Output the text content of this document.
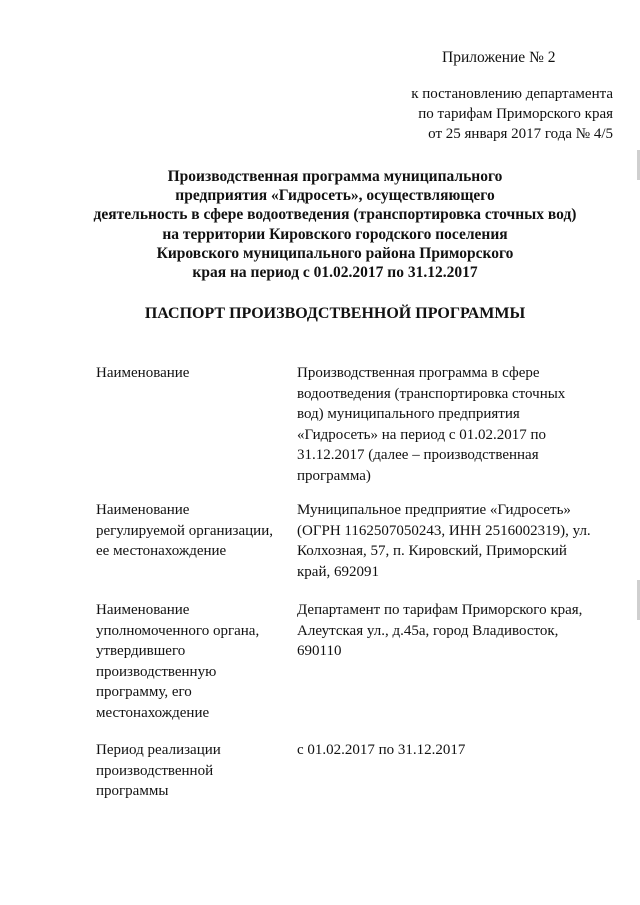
Приложение № 2
к постановлению департамента
по тарифам Приморского края
от 25 января 2017 года № 4/5
Производственная программа муниципального
предприятия «Гидросеть», осуществляющего
деятельность в сфере водоотведения (транспортировка сточных вод)
на территории Кировского городского поселения
Кировского муниципального района Приморского
края на период с 01.02.2017 по 31.12.2017
ПАСПОРТ ПРОИЗВОДСТВЕННОЙ ПРОГРАММЫ
Наименование	Производственная программа в сфере
водоотведения (транспортировка сточных
вод) муниципального предприятия
«Гидросеть» на период с 01.02.2017 по
31.12.2017 (далее – производственная
программа)
Наименование
регулируемой организации,
ее местонахождение
Муниципальное предприятие «Гидросеть»
(ОГРН 1162507050243, ИНН 2516002319), ул.
Колхозная, 57, п. Кировский, Приморский
край, 692091
Наименование
уполномоченного органа,
утвердившего
производственную
программу, его
местонахождение
Департамент по тарифам Приморского края,
Алеутская ул., д.45а, город Владивосток,
690110
Период реализации
производственной
программы
с 01.02.2017 по 31.12.2017
